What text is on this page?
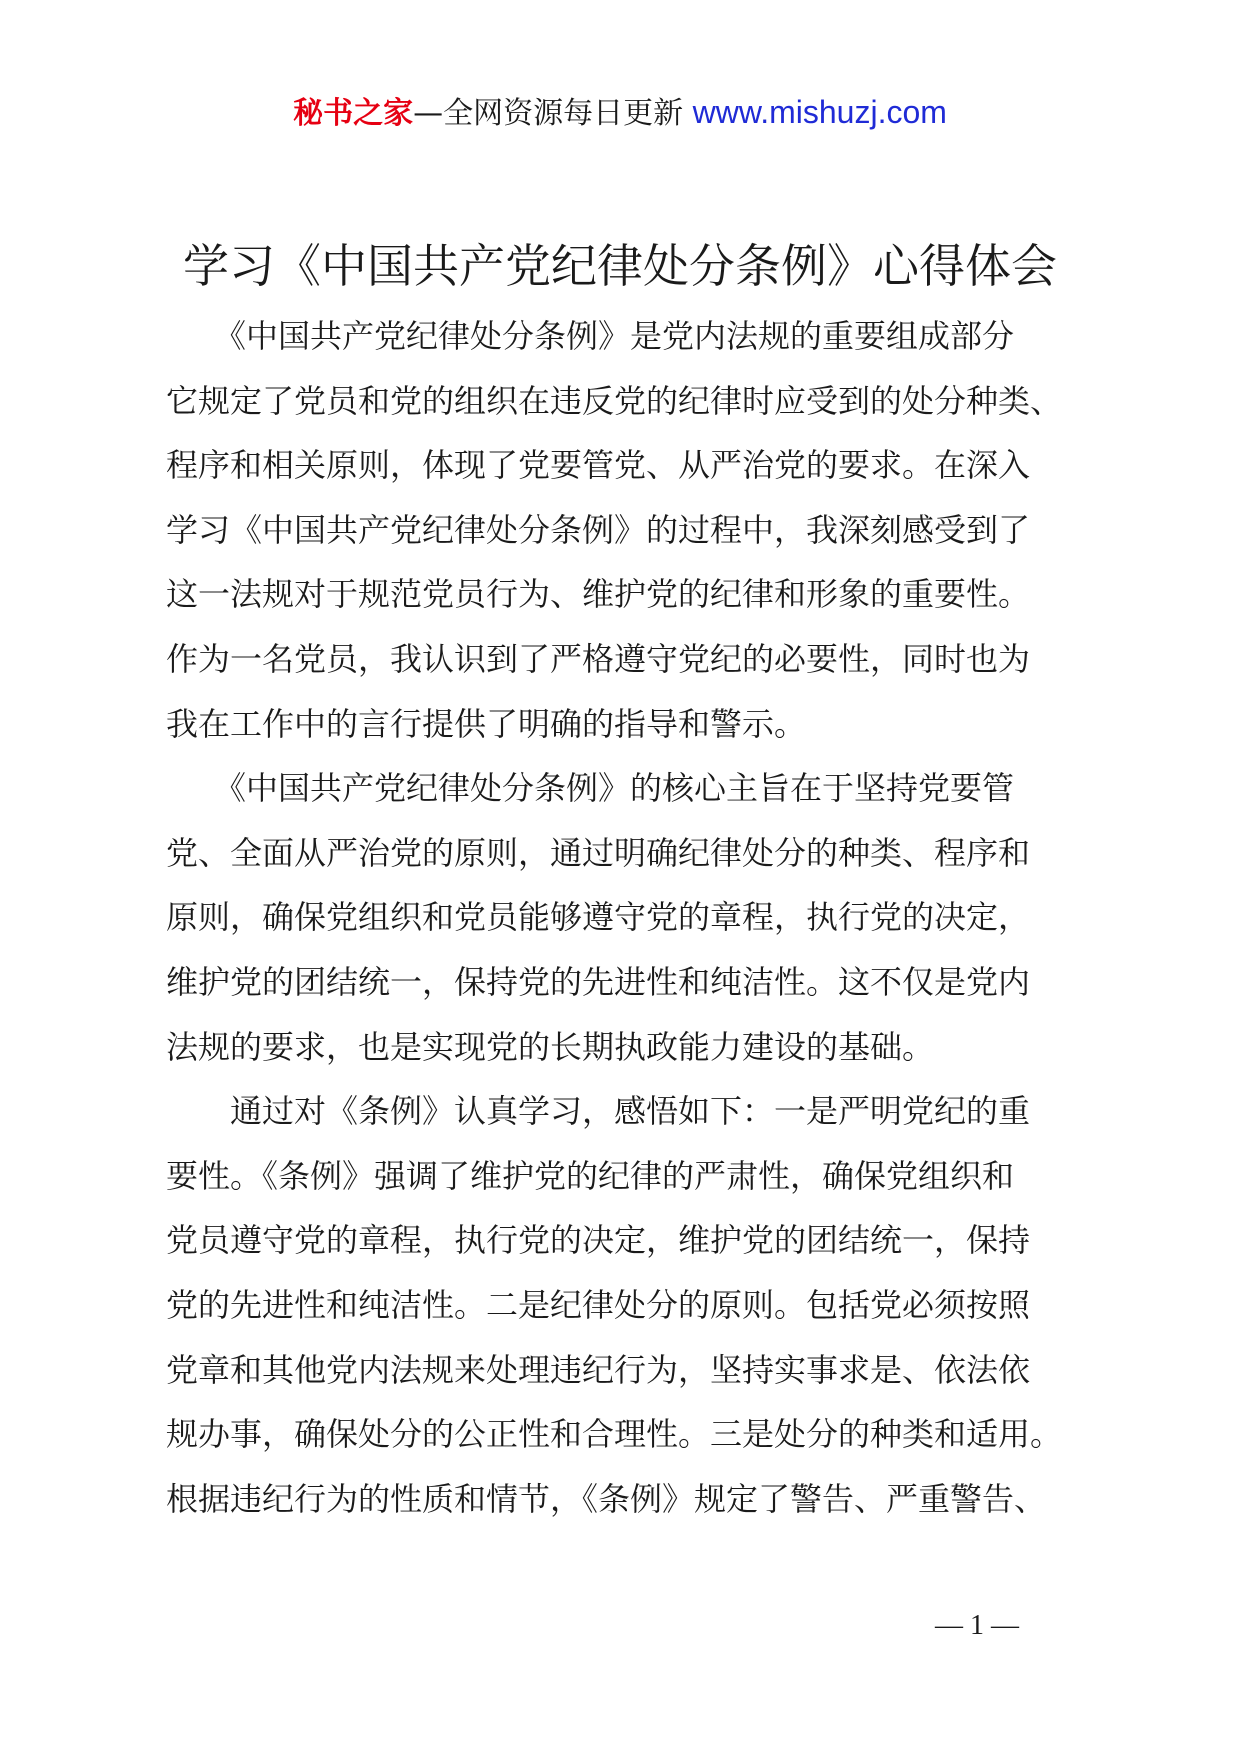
秘书之家—全网资源每日更新 www.mishuzj.com
学习《中国共产党纪律处分条例》心得体会
　　《中国共产党纪律处分条例》是党内法规的重要组成部分
它规定了党员和党的组织在违反党的纪律时应受到的处分种类、
程序和相关原则，体现了党要管党、从严治党的要求。在深入
学习《中国共产党纪律处分条例》的过程中，我深刻感受到了
这一法规对于规范党员行为、维护党的纪律和形象的重要性。
作为一名党员，我认识到了严格遵守党纪的必要性，同时也为
我在工作中的言行提供了明确的指导和警示。
　　《中国共产党纪律处分条例》的核心主旨在于坚持党要管
党、全面从严治党的原则，通过明确纪律处分的种类、程序和
原则，确保党组织和党员能够遵守党的章程，执行党的决定，
维护党的团结统一，保持党的先进性和纯洁性。这不仅是党内
法规的要求，也是实现党的长期执政能力建设的基础。
　　通过对《条例》认真学习，感悟如下：一是严明党纪的重
要性。《条例》强调了维护党的纪律的严肃性，确保党组织和
党员遵守党的章程，执行党的决定，维护党的团结统一，保持
党的先进性和纯洁性。二是纪律处分的原则。包括党必须按照
党章和其他党内法规来处理违纪行为，坚持实事求是、依法依
规办事，确保处分的公正性和合理性。三是处分的种类和适用。
根据违纪行为的性质和情节，《条例》规定了警告、严重警告、
— 1 —
